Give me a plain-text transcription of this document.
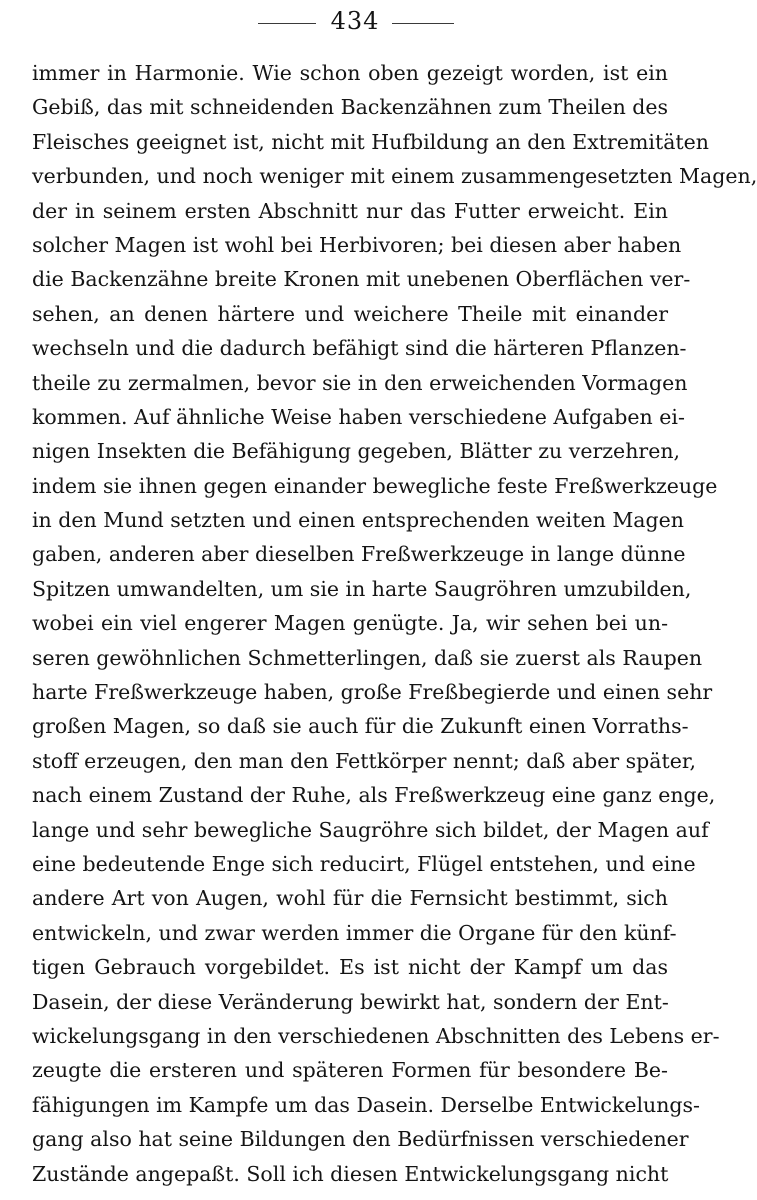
434
immer in Harmonie. Wie schon oben gezeigt worden, ist ein
Gebiß, das mit schneidenden Backenzähnen zum Theilen des
Fleisches geeignet ist, nicht mit Hufbildung an den Extremitäten
verbunden, und noch weniger mit einem zusammengesetzten Magen,
der in seinem ersten Abschnitt nur das Futter erweicht. Ein
solcher Magen ist wohl bei Herbivoren; bei diesen aber haben
die Backenzähne breite Kronen mit unebenen Oberflächen ver-
sehen, an denen härtere und weichere Theile mit einander
wechseln und die dadurch befähigt sind die härteren Pflanzen-
theile zu zermalmen, bevor sie in den erweichenden Vormagen
kommen. Auf ähnliche Weise haben verschiedene Aufgaben ei-
nigen Insekten die Befähigung gegeben, Blätter zu verzehren,
indem sie ihnen gegen einander bewegliche feste Freßwerkzeuge
in den Mund setzten und einen entsprechenden weiten Magen
gaben, anderen aber dieselben Freßwerkzeuge in lange dünne
Spitzen umwandelten, um sie in harte Saugröhren umzubilden,
wobei ein viel engerer Magen genügte. Ja, wir sehen bei un-
seren gewöhnlichen Schmetterlingen, daß sie zuerst als Raupen
harte Freßwerkzeuge haben, große Freßbegierde und einen sehr
großen Magen, so daß sie auch für die Zukunft einen Vorraths-
stoff erzeugen, den man den Fettkörper nennt; daß aber später,
nach einem Zustand der Ruhe, als Freßwerkzeug eine ganz enge,
lange und sehr bewegliche Saugröhre sich bildet, der Magen auf
eine bedeutende Enge sich reducirt, Flügel entstehen, und eine
andere Art von Augen, wohl für die Fernsicht bestimmt, sich
entwickeln, und zwar werden immer die Organe für den künf-
tigen Gebrauch vorgebildet. Es ist nicht der Kampf um das
Dasein, der diese Veränderung bewirkt hat, sondern der Ent-
wickelungsgang in den verschiedenen Abschnitten des Lebens er-
zeugte die ersteren und späteren Formen für besondere Be-
fähigungen im Kampfe um das Dasein. Derselbe Entwickelungs-
gang also hat seine Bildungen den Bedürfnissen verschiedener
Zustände angepaßt. Soll ich diesen Entwickelungsgang nicht
